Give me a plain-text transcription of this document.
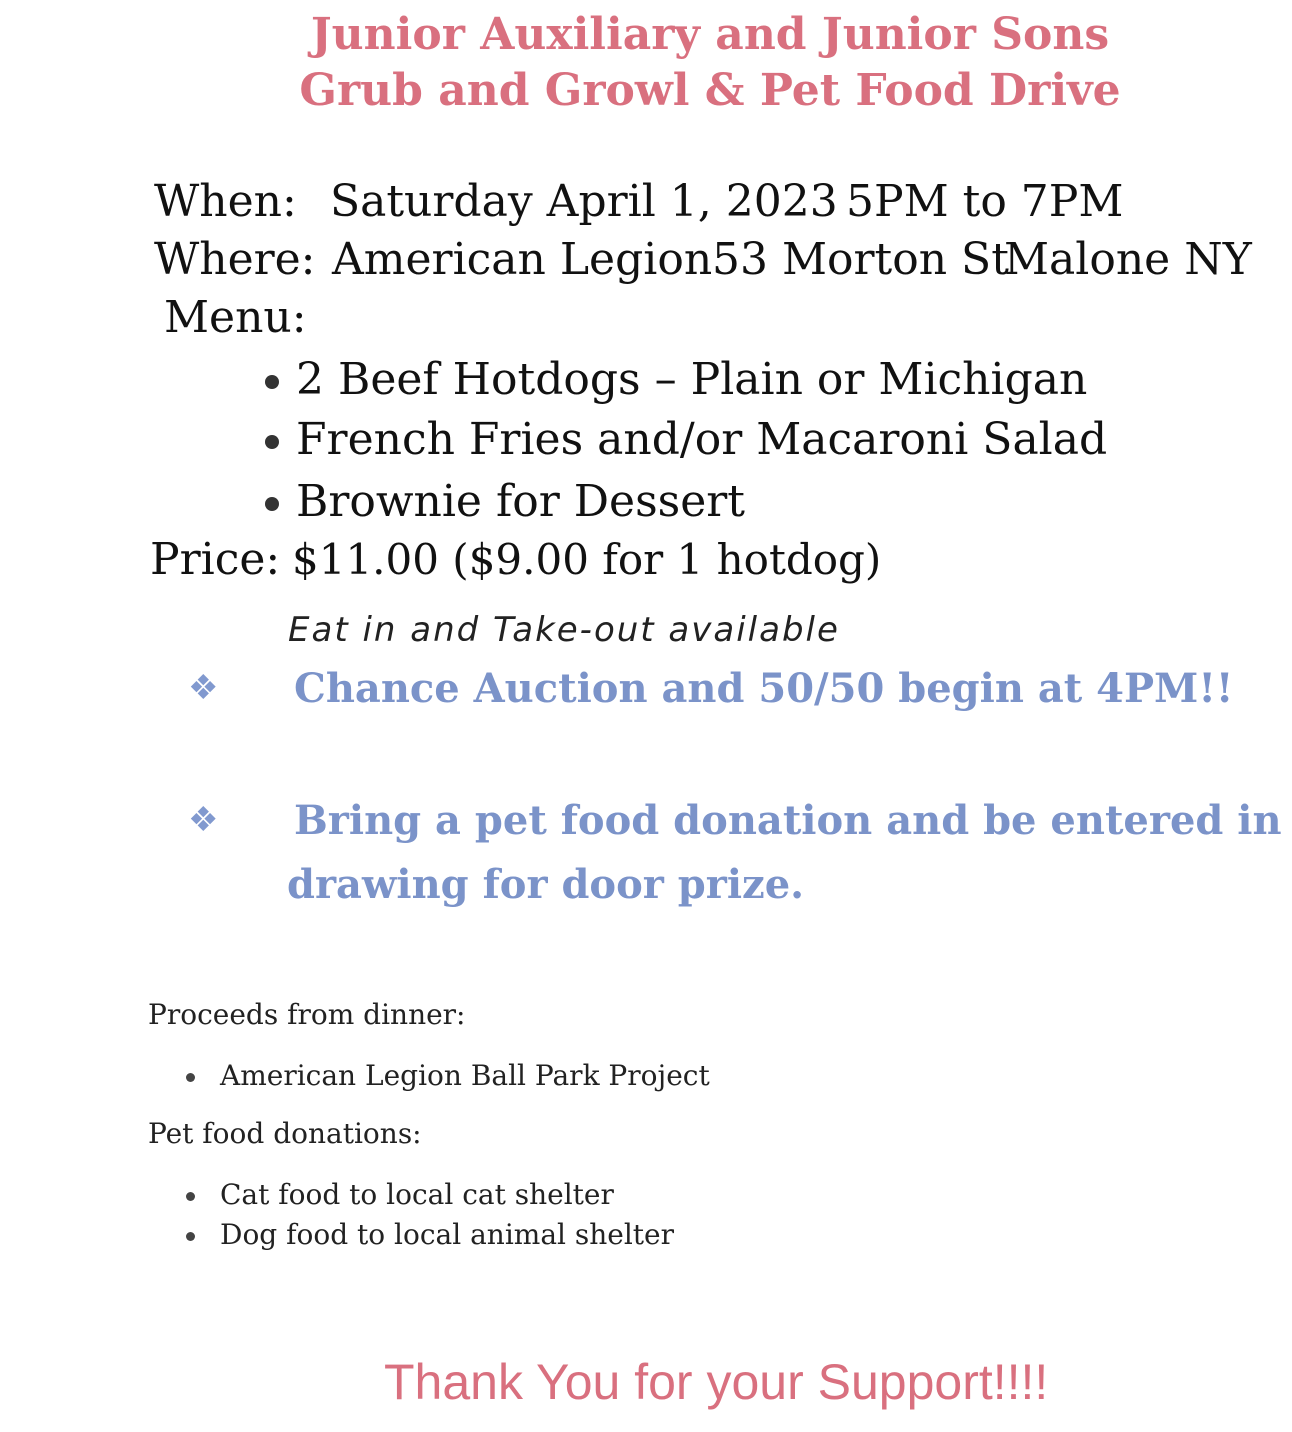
Junior Auxiliary and Junior Sons
Grub and Growl & Pet Food Drive
When: Saturday April 1, 2023 5PM to 7PM
Where: American Legion 53 Morton St
Malone NY
Menu:
2 Beef Hotdogs – Plain or Michigan
French Fries and/or Macaroni Salad
Brownie for Dessert
Price: $11.00 ($9.00 for 1 hotdog)
Eat in and Take-out available
❖ Chance Auction and 50/50 begin at 4PM!!
❖ Bring a pet food donation and be entered in
drawing for door prize.
Proceeds from dinner:
American Legion Ball Park Project
Pet food donations:
Cat food to local cat shelter
Dog food to local animal shelter
Thank You for your Support!!!!
